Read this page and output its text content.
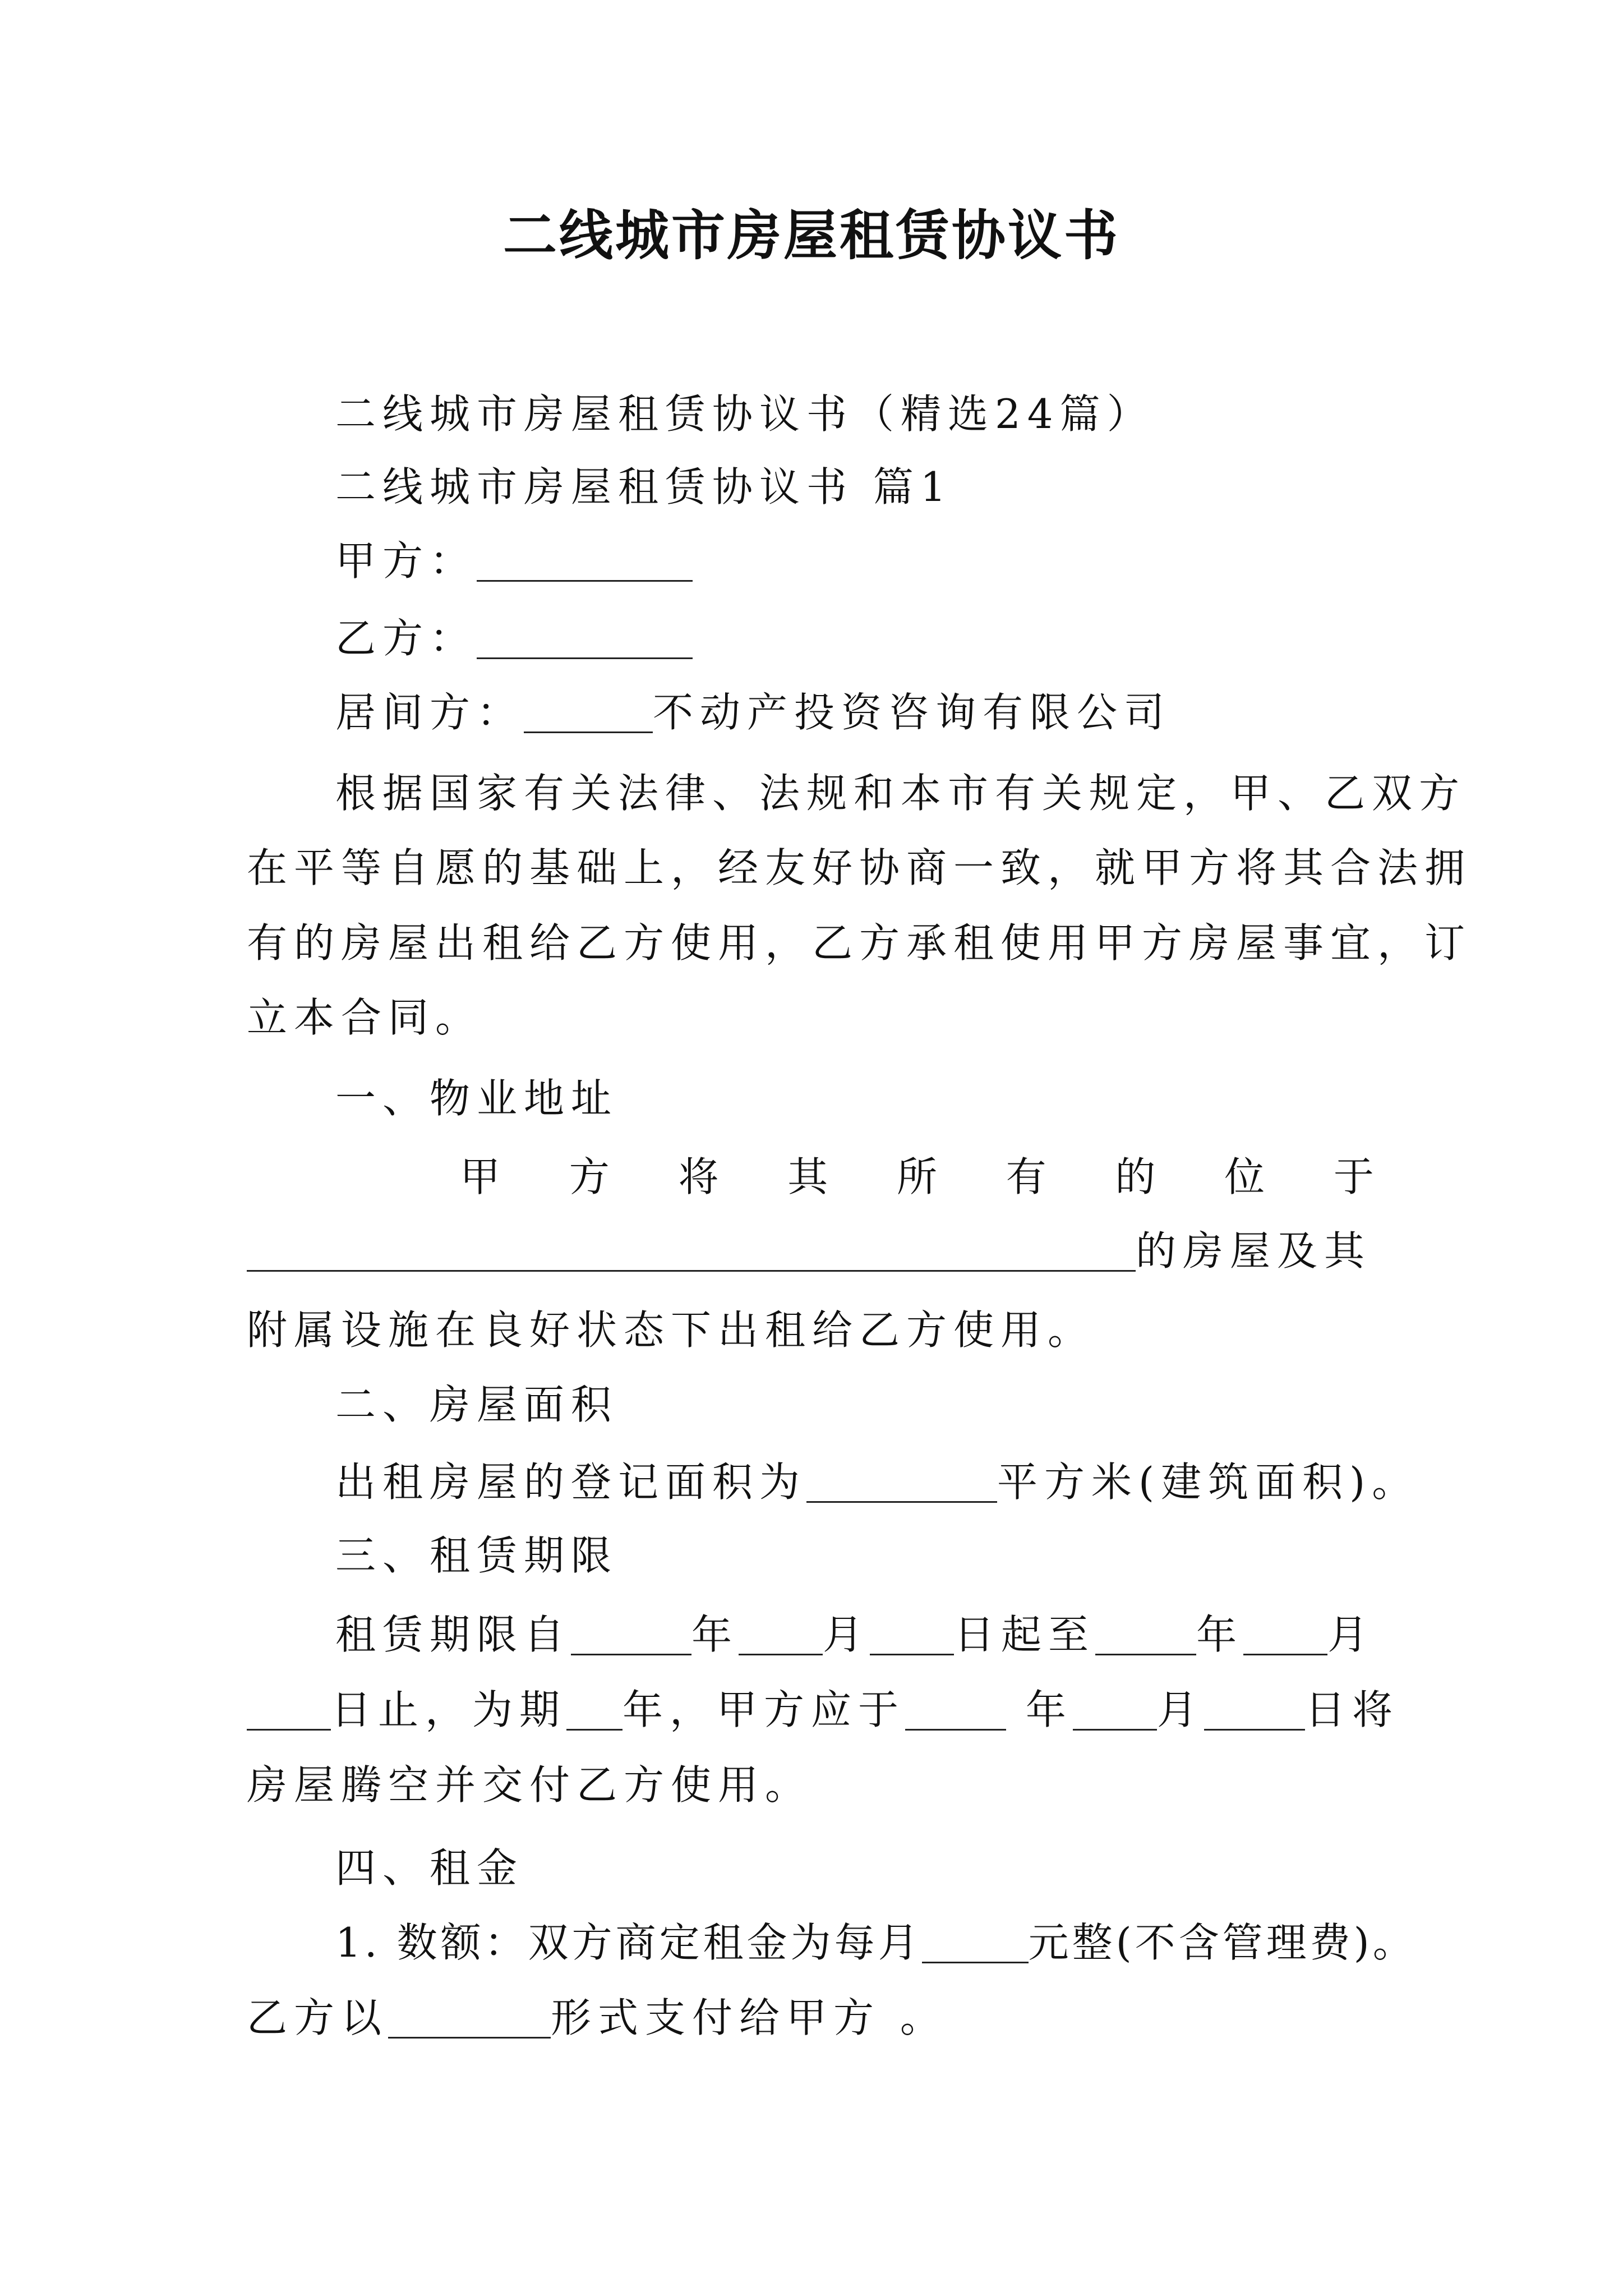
二线城市房屋租赁协议书
二线城市房屋租赁协议书（精选24篇）
二线城市房屋租赁协议书 篇1
甲方：
乙方：
居间方：	不动产投资咨询有限公司
根据国家有关法律、法规和本市有关规定，甲、乙双方
在平等自愿的基础上，经友好协商一致，就甲方将其合法拥
有的房屋出租给乙方使用，乙方承租使用甲方房屋事宜，订
立本合同。
一、物业地址
甲 方 将 其 所 有 的 位 于
的房屋及其
附属设施在良好状态下出租给乙方使用。
二、房屋面积
出租房屋的登记面积为	平方米(建筑面积)。
三、租赁期限
租赁期限自	年 月 日起至	年 月
日止，为期 年，甲方应于	年 月	日将
房屋腾空并交付乙方使用。
四、租金
1. 数额：双方商定租金为每月	元整(不含管理费)。
乙方以	形式支付给甲方 。
